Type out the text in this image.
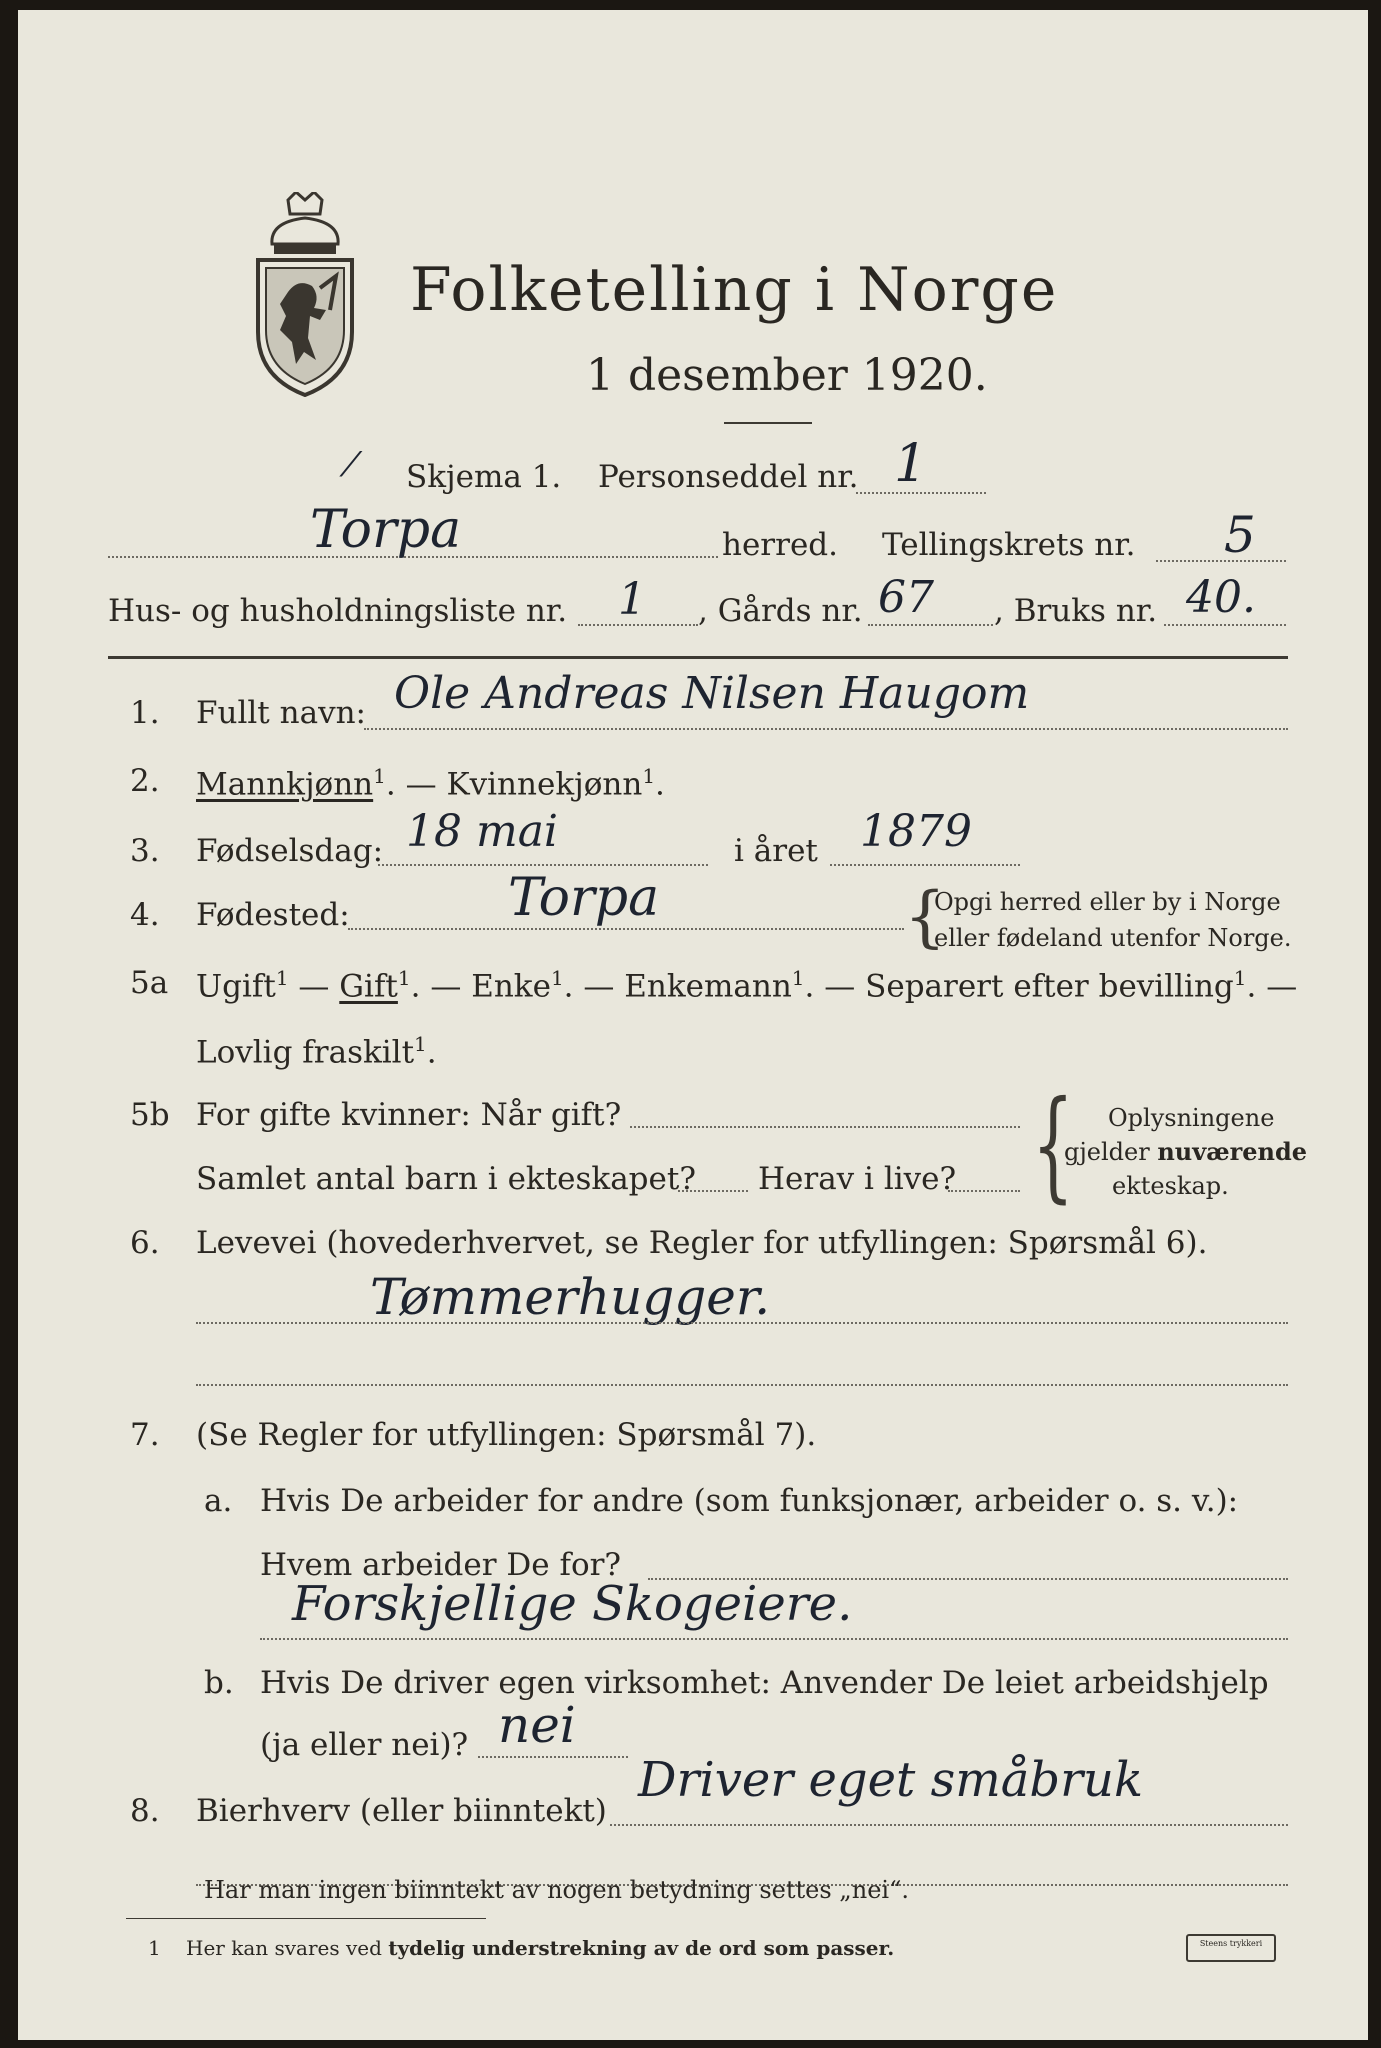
Folketelling i Norge
1 desember 1920.
⁄ Skjema 1. Personseddel nr. 1
Torpa	herred. Tellingskrets nr. 5
Hus- og husholdningsliste nr. 1 , Gårds nr. 67 , Bruks nr. 40.
1. Fullt navn: Ole Andreas Nilsen Haugom
2. Mannkjønn$^1$. — Kvinnekjønn$^1$.
3. Fødselsdag: 18 mai	i året 1879
4. Fødested:	Torpa	{
Opgi herred eller by i Norge
eller fødeland utenfor Norge.
5a Ugift$^1$ — Gift$^1$. — Enke$^1$. — Enkemann$^1$. — Separert efter bevilling$^1$. —
Lovlig fraskilt$^1$.
5b For gifte kvinner: Når gift?
Samlet antal barn i ekteskapet? Herav i live? { Oplysningene
gjelder nuværende
ekteskap.
6. Levevei (hovederhvervet, se Regler for utfyllingen: Spørsmål 6).
Tømmerhugger.
7. (Se Regler for utfyllingen: Spørsmål 7).
a. Hvis De arbeider for andre (som funksjonær, arbeider o. s. v.):
Hvem arbeider De for?
Forskjellige Skogeiere.
b. Hvis De driver egen virksomhet: Anvender De leiet arbeidshjelp
(ja eller nei)? nei
8. Bierhverv (eller biinntekt)
Driver eget småbruk
Har man ingen biinntekt av nogen betydning settes „nei“.
1 Her kan svares ved tydelig understrekning av de ord som passer.	Steens trykkeri
